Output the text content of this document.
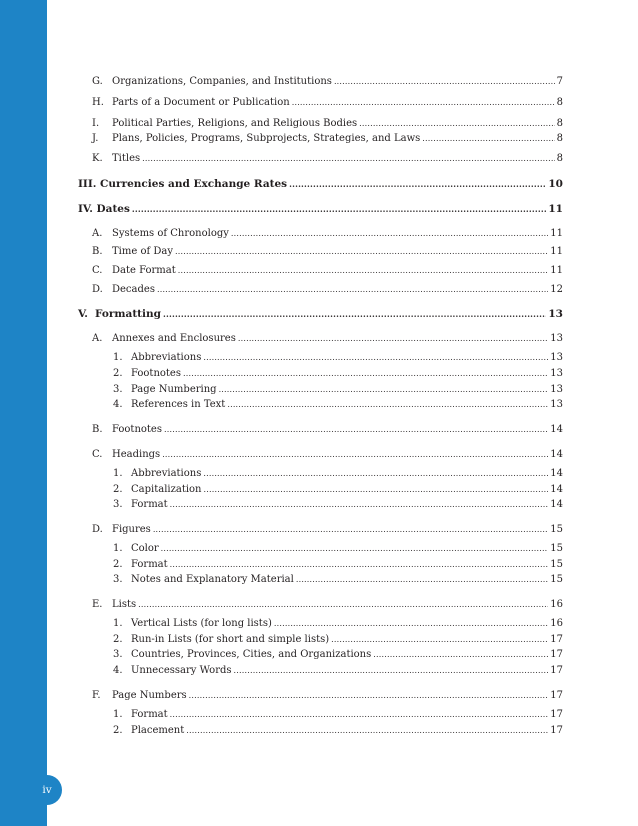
iv
G. Organizations, Companies, and Institutions .....	7
H. Parts of a Document or Publication .....	8
I. Political Parties, Religions, and Religious Bodies .....	8
J. Plans, Policies, Programs, Subprojects, Strategies, and Laws .....	8
K. Titles .....	8
III. Currencies and Exchange Rates .....	10
IV. Dates .....	11
A. Systems of Chronology .....	11
B. Time of Day .....	11
C. Date Format .....	11
D. Decades .....	12
V. Formatting .....	13
A. Annexes and Enclosures .....	13
1. Abbreviations .....	13
2. Footnotes .....	13
3. Page Numbering .....	13
4. References in Text .....	13
B. Footnotes .....	14
C. Headings .....	14
1. Abbreviations .....	14
2. Capitalization .....	14
3. Format .....	14
D. Figures .....	15
1. Color .....	15
2. Format .....	15
3. Notes and Explanatory Material .....	15
E. Lists .....	16
1. Vertical Lists (for long lists) .....	16
2. Run-in Lists (for short and simple lists) .....	17
3. Countries, Provinces, Cities, and Organizations .....	17
4. Unnecessary Words .....	17
F. Page Numbers .....	17
1. Format .....	17
2. Placement .....	17
